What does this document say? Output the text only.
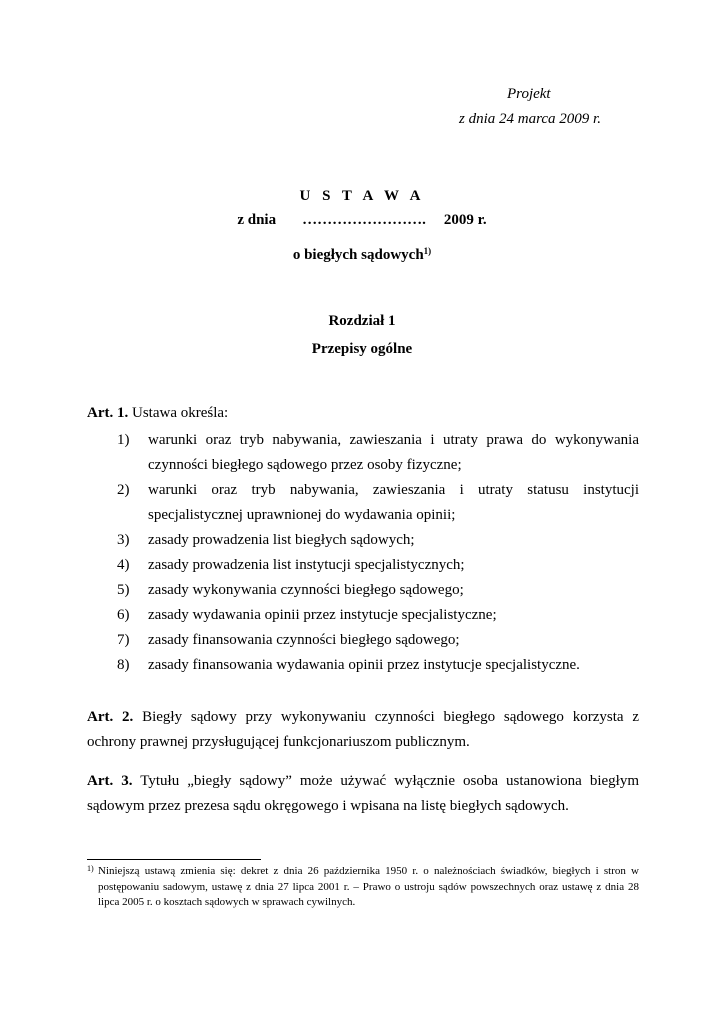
Projekt
z dnia 24 marca 2009 r.
U S T A W A
z dnia ……………………. 2009 r.
o biegłych sądowych$^{1)}$
Rozdział 1
Przepisy ogólne
Art. 1. Ustawa określa:
1) warunki oraz tryb nabywania, zawieszania i utraty prawa do wykonywania
czynności biegłego sądowego przez osoby fizyczne;
2) warunki oraz tryb nabywania, zawieszania i utraty statusu instytucji
specjalistycznej uprawnionej do wydawania opinii;
3) zasady prowadzenia list biegłych sądowych;
4) zasady prowadzenia list instytucji specjalistycznych;
5) zasady wykonywania czynności biegłego sądowego;
6) zasady wydawania opinii przez instytucje specjalistyczne;
7) zasady finansowania czynności biegłego sądowego;
8) zasady finansowania wydawania opinii przez instytucje specjalistyczne.
Art. 2. Biegły sądowy przy wykonywaniu czynności biegłego sądowego korzysta z ochrony prawnej przysługującej funkcjonariuszom publicznym.
Art. 3. Tytułu „biegły sądowy” może używać wyłącznie osoba ustanowiona biegłym sądowym przez prezesa sądu okręgowego i wpisana na listę biegłych sądowych.
1) Niniejszą ustawą zmienia się: dekret z dnia 26 października 1950 r. o należnościach świadków, biegłych i stron w postępowaniu sadowym, ustawę z dnia 27 lipca 2001 r. – Prawo o ustroju sądów powszechnych oraz ustawę z dnia 28 lipca 2005 r. o kosztach sądowych w sprawach cywilnych.
